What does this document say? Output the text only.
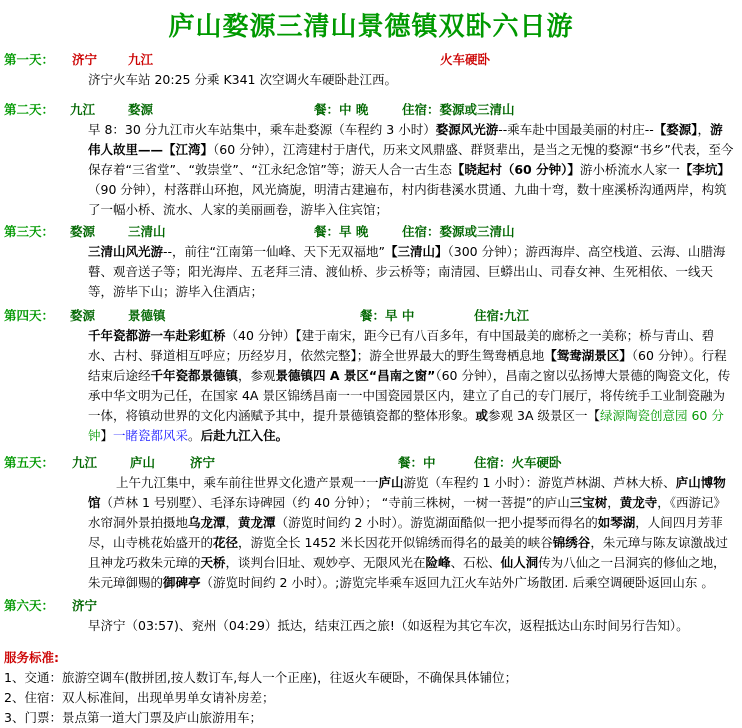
庐山婺源三清山景德镇双卧六日游
第一天： 济宁 九江	火车硬卧
济宁火车站 20:25 分乘 K341 次空调火车硬卧赴江西。
第二天： 九江	婺源	餐：中 晚	住宿：婺源或三清山
早 8：30 分九江市火车站集中，乘车赴婺源（车程约 3 小时）婺源风光游--乘车赴中国最美丽的村庄--【婺源】，游伟人故里——【江湾】（60 分钟），江湾建村于唐代，历来文风鼎盛、群贤辈出，是当之无愧的婺源“书乡”代表，至今保存着“三省堂”、“敦崇堂”、“江永纪念馆”等；游天人合一古生态【晓起村（60 分钟）】游小桥流水人家一【李坑】（90 分钟），村落群山环抱，风光旖旎，明清古建遍布，村内街巷溪水贯通、九曲十弯，数十座溪桥沟通两岸，构筑了一幅小桥、流水、人家的美丽画卷，游毕入住宾馆；
第三天： 婺源	三清山	餐：早 晚	住宿：婺源或三清山
三清山风光游--，前往“江南第一仙峰、天下无双福地”【三清山】（300 分钟）；游西海岸、高空栈道、云海、山腊海瞽、观音送子等；阳光海岸、五老拜三清、渡仙桥、步云桥等；南清园、巨蟒出山、司春女神、生死相依、一线天等，游毕下山；游毕入住酒店；
第四天： 婺源	景德镇	餐：早 中	住宿:九江
千年瓷都游一车赴彩虹桥（40 分钟）【建于南宋，距今已有八百多年，有中国最美的廊桥之一美称；桥与青山、碧水、古村、驿道相互呼应；历经岁月，依然完整】；游全世界最大的野生鸳鸯栖息地【鸳鸯湖景区】（60 分钟）。行程结束后途经千年瓷都景德镇，参观景德镇四 A 景区“昌南之窗”（60 分钟），昌南之窗以弘扬博大景德的陶瓷文化，传承中华文明为己任，在国家 4A 景区锦绣昌南一一中国瓷园景区内，建立了自己的专门展厅，将传统手工业制瓷融为一体，将镇动世界的文化内涵赋予其中，提升景德镇瓷都的整体形象。或参观 3A 级景区一【绿源陶瓷创意园 60 分钟】一睹瓷都风采。后赴九江入住。
第五天： 九江	庐山	济宁	餐：中	住宿：火车硬卧
上午九江集中，乘车前往世界文化遗产景观一一庐山游览（车程约 1 小时）：游览芦林湖、芦林大桥、庐山博物馆（芦林 1 号别墅）、毛泽东诗碑园（约 40 分钟）； “寺前三株树，一树一菩提”的庐山三宝树，黄龙寺，《西游记》水帘洞外景拍摄地乌龙潭，黄龙潭（游览时间约 2 小时）。游览湖面酷似一把小提琴而得名的如琴湖，人间四月芳菲尽，山寺桃花始盛开的花径，游览全长 1452 米长因花开似锦绣而得名的最美的峡谷锦绣谷，朱元璋与陈友谅激战过且神龙巧救朱元璋的天桥，谈判台旧址、观妙亭、无限风光在险峰、石松、仙人洞传为八仙之一吕洞宾的修仙之地，朱元璋御赐的御碑亭（游览时间约 2 小时）。;游览完毕乘车返回九江火车站外广场散团. 后乘空调硬卧返回山东 。
第六天： 济宁
早济宁（03:57)、兖州（04:29）抵达，结束江西之旅!（如返程为其它车次，返程抵达山东时间另行告知）。
服务标准:
1、交通：旅游空调车(散拼团,按人数订车,每人一个正座)，往返火车硬卧，不确保具体铺位；
2、住宿：双人标准间，出现单男单女请补房差；
3、门票：景点第一道大门票及庐山旅游用车；
